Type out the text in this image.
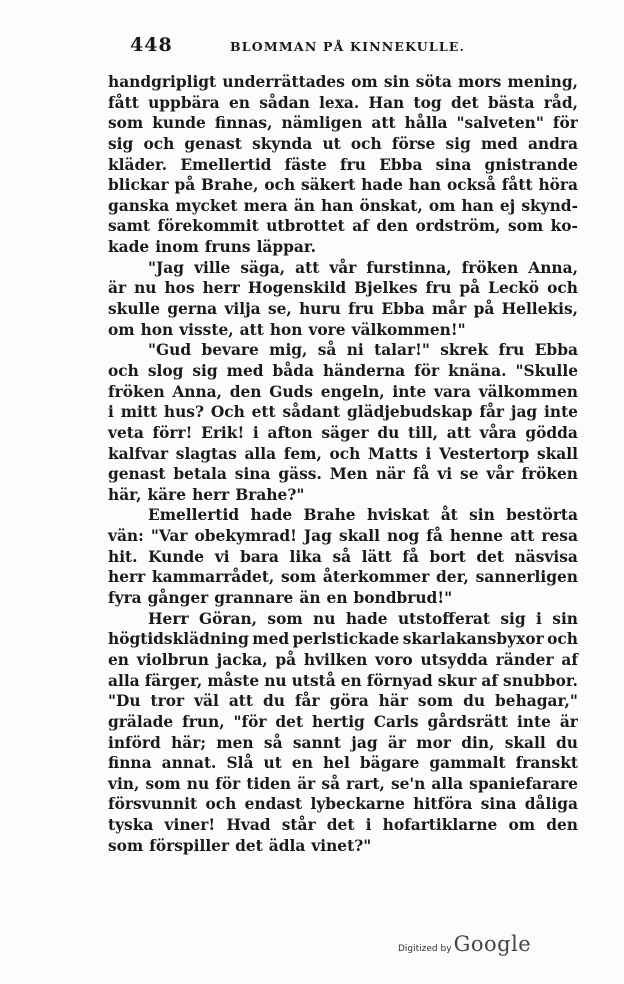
448	BLOMMAN PÅ KINNEKULLE.
handgripligt underrättades om sin söta mors mening,
fått uppbära en sådan lexa. Han tog det bästa råd,
som kunde finnas, nämligen att hålla "salveten" för
sig och genast skynda ut och förse sig med andra
kläder. Emellertid fäste fru Ebba sina gnistrande
blickar på Brahe, och säkert hade han också fått höra
ganska mycket mera än han önskat, om han ej skynd-
samt förekommit utbrottet af den ordström, som ko-
kade inom fruns läppar.
"Jag ville säga, att vår furstinna, fröken Anna,
är nu hos herr Hogenskild Bjelkes fru på Leckö och
skulle gerna vilja se, huru fru Ebba mår på Hellekis,
om hon visste, att hon vore välkommen!"
"Gud bevare mig, så ni talar!" skrek fru Ebba
och slog sig med båda händerna för knäna. "Skulle
fröken Anna, den Guds engeln, inte vara välkommen
i mitt hus? Och ett sådant glädjebudskap får jag inte
veta förr! Erik! i afton säger du till, att våra gödda
kalfvar slagtas alla fem, och Matts i Vestertorp skall
genast betala sina gäss. Men när få vi se vår fröken
här, käre herr Brahe?"
Emellertid hade Brahe hviskat åt sin bestörta
vän: "Var obekymrad! Jag skall nog få henne att resa
hit. Kunde vi bara lika så lätt få bort det näsvisa
herr kammarrådet, som återkommer der, sannerligen
fyra gånger grannare än en bondbrud!"
Herr Göran, som nu hade utstofferat sig i sin
högtidsklädning med perlstickade skarlakansbyxor och
en violbrun jacka, på hvilken voro utsydda ränder af
alla färger, måste nu utstå en förnyad skur af snubbor.
"Du tror väl att du får göra här som du behagar,"
grälade frun, "för det hertig Carls gårdsrätt inte är
införd här; men så sannt jag är mor din, skall du
finna annat. Slå ut en hel bägare gammalt franskt
vin, som nu för tiden är så rart, se'n alla spaniefarare
försvunnit och endast lybeckarne hitföra sina dåliga
tyska viner! Hvad står det i hofartiklarne om den
som förspiller det ädla vinet?"
Digitized by Google
